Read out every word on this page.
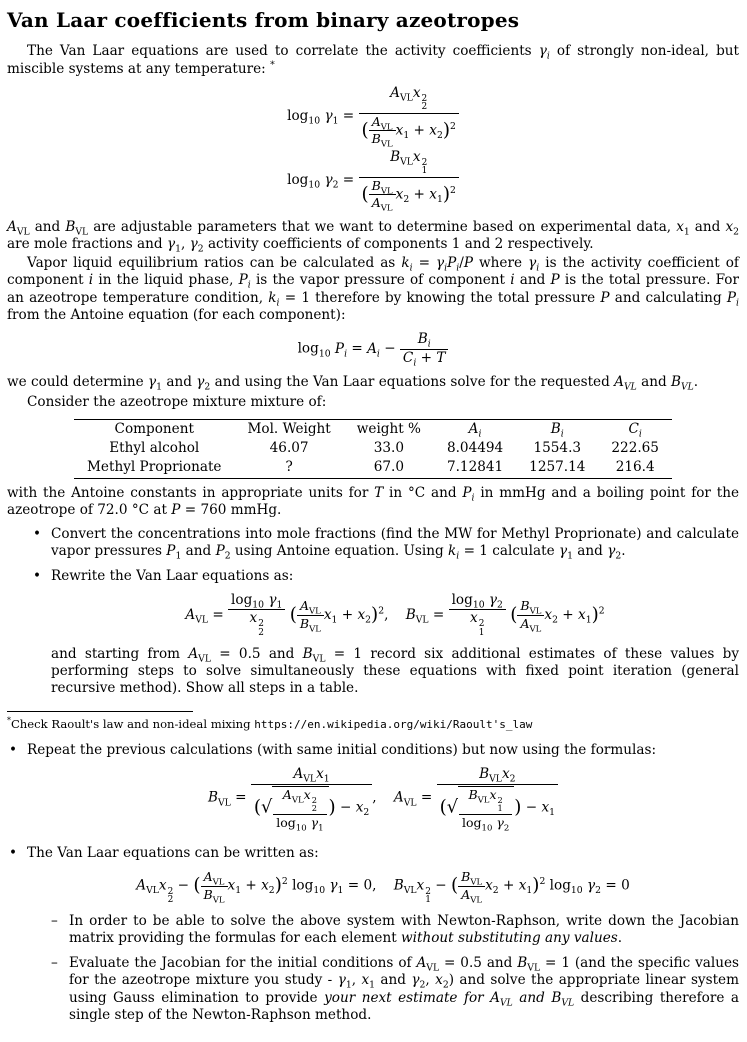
Van Laar coefficients from binary azeotropes

The Van Laar equations are used to correlate the activity coefficients $\gamma_i$ of strongly non-ideal, but miscible systems at any temperature: *

$\log_{10} \gamma_1 = A_{VL}x$ 2
2
( $\frac{A_{VL}}{B_{VL}} x_1 + x_2)^2$
$\log_{10} \gamma_2 = B_{VL}x$ 2
1
( $\frac{B_{VL}}{A_{VL}} x_2 + x_1)^2$

$A_{VL}$ and $B_{VL}$ are adjustable parameters that we want to determine based on experimental data, $x_1$ and $x_2$ are mole fractions and $\gamma_1$, $\gamma_2$ activity coefficients of components 1 and 2 respectively.

Vapor liquid equilibrium ratios can be calculated as $k_i = \gamma_iP_i/P$ where $\gamma_i$ is the activity coefficient of component i in the liquid phase, $P_i$ is the vapor pressure of component i and P is the total pressure. For an azeotrope temperature condition, $k_i = 1$ therefore by knowing the total pressure P and calculating $P_i$ from the Antoine equation (for each component):

$\log_{10} P_i = A_i - \frac{B_i}{C_i + T}$

we could determine $\gamma_1$ and $\gamma_2$ and using the Van Laar equations solve for the requested $A_{VL}$ and $B_{VL}$.

Consider the azeotrope mixture mixture of:

Component	Mol. Weight	weight %	$A_i$	$B_i$	$C_i$
Ethyl alcohol	46.07	33.0	8.04494	1554.3	222.65
Methyl Proprionate	?	67.0	7.12841	1257.14	216.4

with the Antoine constants in appropriate units for T in °C and $P_i$ in mmHg and a boiling point for the azeotrope of 72.0 °C at P = 760 mmHg.

• Convert the concentrations into mole fractions (find the MW for Methyl Proprionate) and calculate vapor pressures $P_1$ and $P_2$ using Antoine equation. Using $k_i = 1$ calculate $\gamma_1$ and $\gamma_2$.
• Rewrite the Van Laar equations as:
$A_{VL} = \log_{10} \gamma_1$
x 2
2 ( $\frac{A_{VL}}{B_{VL}} x_1 + x_2)^2$,    $B_{VL} = \log_{10} \gamma_2$
x 2
1 ( $\frac{B_{VL}}{A_{VL}} x_2 + x_1)^2$
and starting from $A_{VL} = 0.5$ and $B_{VL} = 1$ record six additional estimates of these values by performing steps to solve simultaneously these equations with fixed point iteration (general recursive method). Show all steps in a table.
*Check Raoult's law and non-ideal mixing https://en.wikipedia.org/wiki/Raoult's_law
• Repeat the previous calculations (with same initial conditions) but now using the formulas:
$B_{VL} = A_{VL}x_1$
(√ $A_{VL}x$ 2
2
$\log_{10} \gamma_1$ ) − $x_2$ ,    $A_{VL} = B_{VL}x_2$
(√ $B_{VL}x$ 2
1
$\log_{10} \gamma_2$ ) − $x_1$
• The Van Laar equations can be written as:
$A_{VL}x$ 2
2
− ( $\frac{A_{VL}}{B_{VL}} x_1 + x_2)^2$ $\log_{10} \gamma_1 = 0$,    $B_{VL}x$ 2
1
− ( $\frac{B_{VL}}{A_{VL}} x_2 + x_1)^2$ $\log_{10} \gamma_2 = 0$
– In order to be able to solve the above system with Newton-Raphson, write down the Jacobian matrix providing the formulas for each element without substituting any values.
– Evaluate the Jacobian for the initial conditions of $A_{VL} = 0.5$ and $B_{VL} = 1$ (and the specific values for the azeotrope mixture you study - $\gamma_1$, $x_1$ and $\gamma_2$, $x_2$) and solve the appropriate linear system using Gauss elimination to provide your next estimate for $A_{VL}$ and $B_{VL}$ describing therefore a single step of the Newton-Raphson method.
